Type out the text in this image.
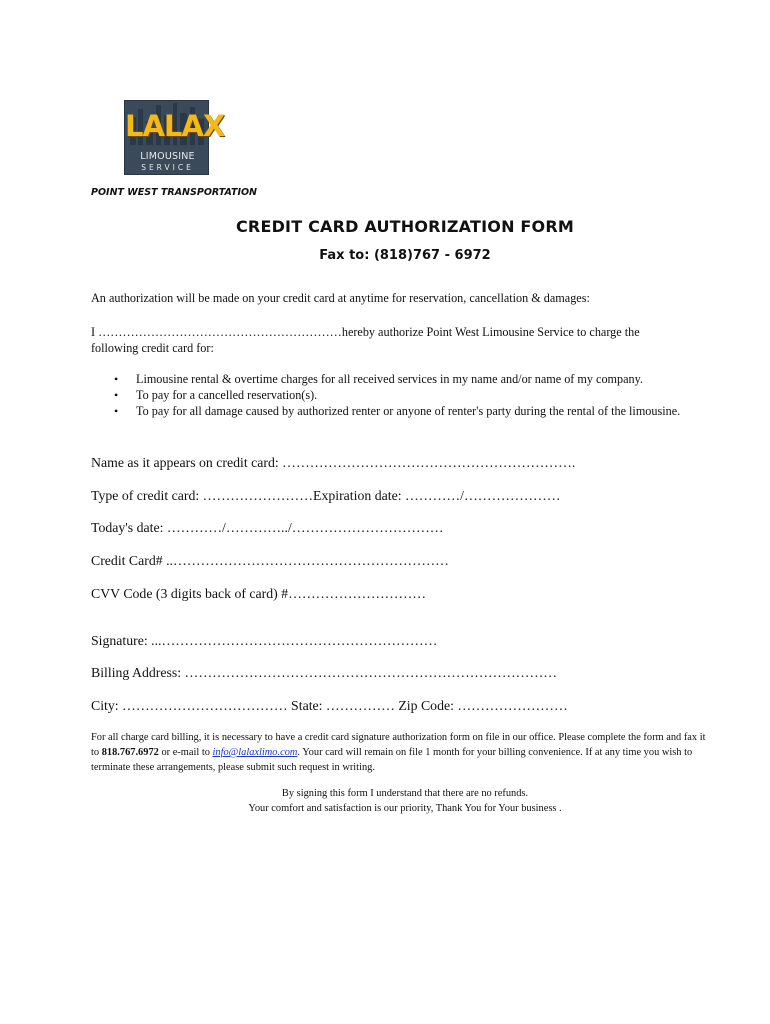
LALAX
LIMOUSINE
SERVICE
POINT WEST TRANSPORTATION
CREDIT CARD AUTHORIZATION FORM
Fax to: (818)767 - 6972
An authorization will be made on your credit card at anytime for reservation, cancellation & damages:
I ……………………………………………………hereby authorize Point West Limousine Service to charge the
following credit card for:
• Limousine rental & overtime charges for all received services in my name and/or name of my company.
• To pay for a cancelled reservation(s).
• To pay for all damage caused by authorized renter or anyone of renter's party during the rental of the limousine.
Name as it appears on credit card: ……………………………………………………….
Type of credit card: ……………………Expiration date: …………/…………………
Today's date: …………/…………../……………………………
Credit Card# ..……………………………………………………
CVV Code (3 digits back of card) #…………………………
Signature: ...……………………………………………………
Billing Address: ………………………………………………………………………
City: ……………………………… State: …………… Zip Code: ……………………
For all charge card billing, it is necessary to have a credit card signature authorization form on file in our office. Please complete the form and fax it to 818.767.6972 or e-mail to info@lalaxlimo.com. Your card will remain on file 1 month for your billing convenience. If at any time you wish to terminate these arrangements, please submit such request in writing.
By signing this form I understand that there are no refunds.
Your comfort and satisfaction is our priority, Thank You for Your business .
